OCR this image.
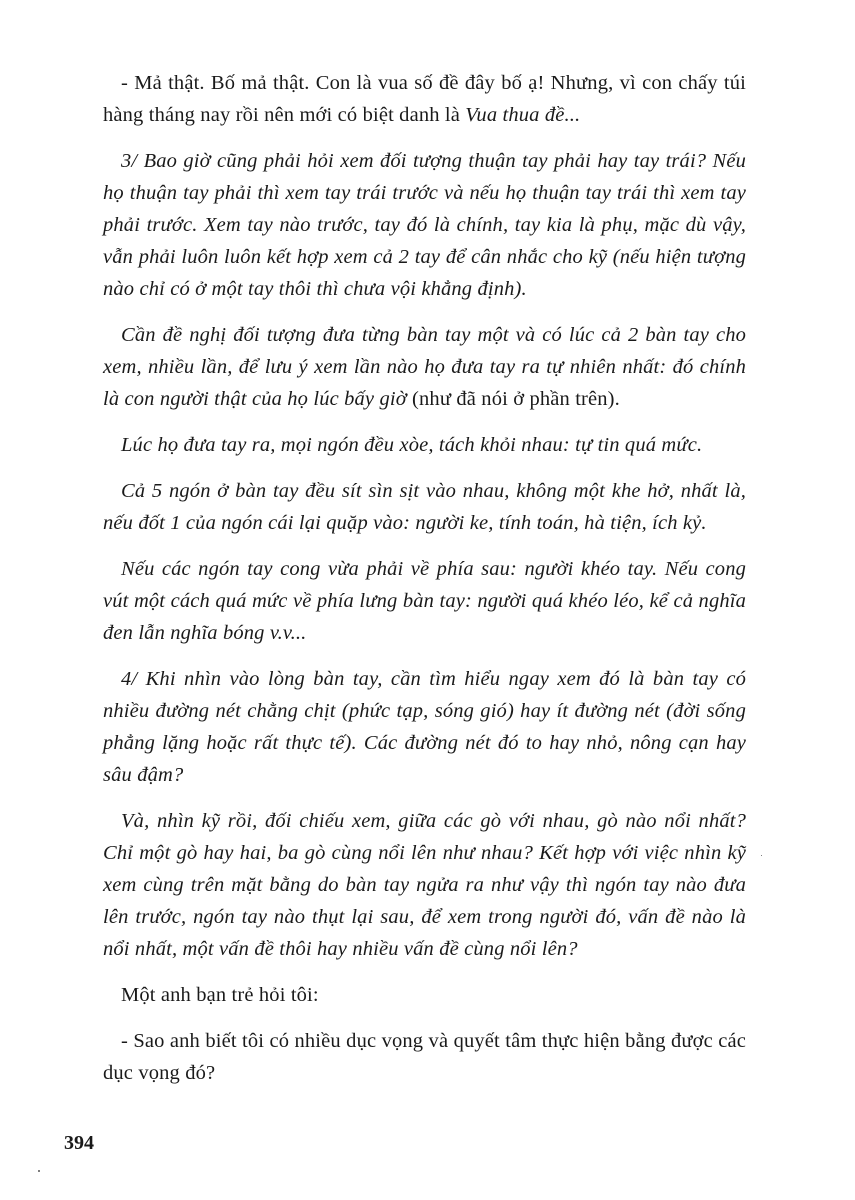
- Mả thật. Bố mả thật. Con là vua số đề đây bố ạ! Nhưng, vì con chấy túi hàng tháng nay rồi nên mới có biệt danh là Vua thua đề...

3/ Bao giờ cũng phải hỏi xem đối tượng thuận tay phải hay tay trái? Nếu họ thuận tay phải thì xem tay trái trước và nếu họ thuận tay trái thì xem tay phải trước. Xem tay nào trước, tay đó là chính, tay kia là phụ, mặc dù vậy, vẫn phải luôn luôn kết hợp xem cả 2 tay để cân nhắc cho kỹ (nếu hiện tượng nào chỉ có ở một tay thôi thì chưa vội khẳng định).

Cần đề nghị đối tượng đưa từng bàn tay một và có lúc cả 2 bàn tay cho xem, nhiều lần, để lưu ý xem lần nào họ đưa tay ra tự nhiên nhất: đó chính là con người thật của họ lúc bấy giờ (như đã nói ở phần trên).

Lúc họ đưa tay ra, mọi ngón đều xòe, tách khỏi nhau: tự tin quá mức.

Cả 5 ngón ở bàn tay đều sít sìn sịt vào nhau, không một khe hở, nhất là, nếu đốt 1 của ngón cái lại quặp vào: người ke, tính toán, hà tiện, ích kỷ.

Nếu các ngón tay cong vừa phải về phía sau: người khéo tay. Nếu cong vút một cách quá mức về phía lưng bàn tay: người quá khéo léo, kể cả nghĩa đen lẫn nghĩa bóng v.v...

4/ Khi nhìn vào lòng bàn tay, cần tìm hiểu ngay xem đó là bàn tay có nhiều đường nét chằng chịt (phức tạp, sóng gió) hay ít đường nét (đời sống phẳng lặng hoặc rất thực tế). Các đường nét đó to hay nhỏ, nông cạn hay sâu đậm?

Và, nhìn kỹ rồi, đối chiếu xem, giữa các gò với nhau, gò nào nổi nhất? Chỉ một gò hay hai, ba gò cùng nổi lên như nhau? Kết hợp với việc nhìn kỹ xem cùng trên mặt bằng do bàn tay ngửa ra như vậy thì ngón tay nào đưa lên trước, ngón tay nào thụt lại sau, để xem trong người đó, vấn đề nào là nổi nhất, một vấn đề thôi hay nhiều vấn đề cùng nổi lên?

Một anh bạn trẻ hỏi tôi:

- Sao anh biết tôi có nhiều dục vọng và quyết tâm thực hiện bằng được các dục vọng đó?

394
